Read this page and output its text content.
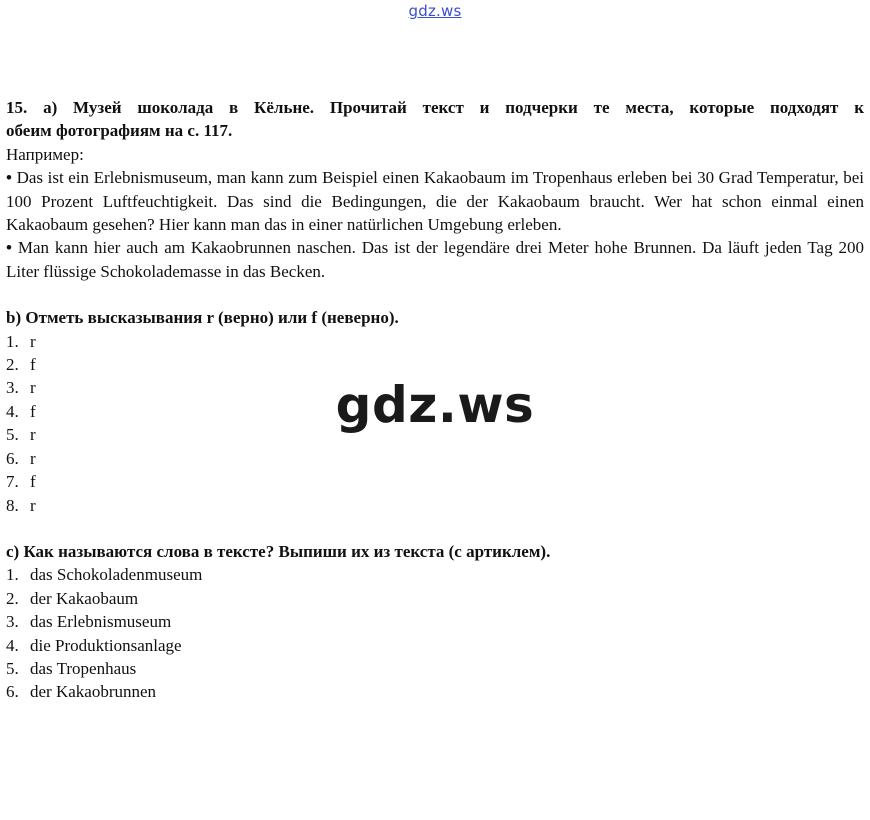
gdz.ws

15. a) Музей шоколада в Кёльне. Прочитай текст и подчерки те места, которые подходят к

обеим фотографиям на с. 117.

Например:

• Das ist ein Erlebnismuseum, man kann zum Beispiel einen Kakaobaum im Tropenhaus erleben bei 30 Grad Temperatur, bei 100 Prozent Luftfeuchtigkeit. Das sind die Bedingungen, die der Kakaobaum braucht. Wer hat schon einmal einen Kakaobaum gesehen? Hier kann man das in einer natürlichen Umgebung erleben.

• Man kann hier auch am Kakaobrunnen naschen. Das ist der legendäre drei Meter hohe Brunnen. Da läuft jeden Tag 200 Liter flüssige Schokolademasse in das Becken.

b) Отметь высказывания r (верно) или f (неверно).

1. r
2. f
3. r
4. f
5. r
6. r
7. f
8. r

c) Как называются слова в тексте? Выпиши их из текста (с артиклем).

1. das Schokoladenmuseum
2. der Kakaobaum
3. das Erlebnismuseum
4. die Produktionsanlage
5. das Tropenhaus
6. der Kakaobrunnen
gdz.ws
